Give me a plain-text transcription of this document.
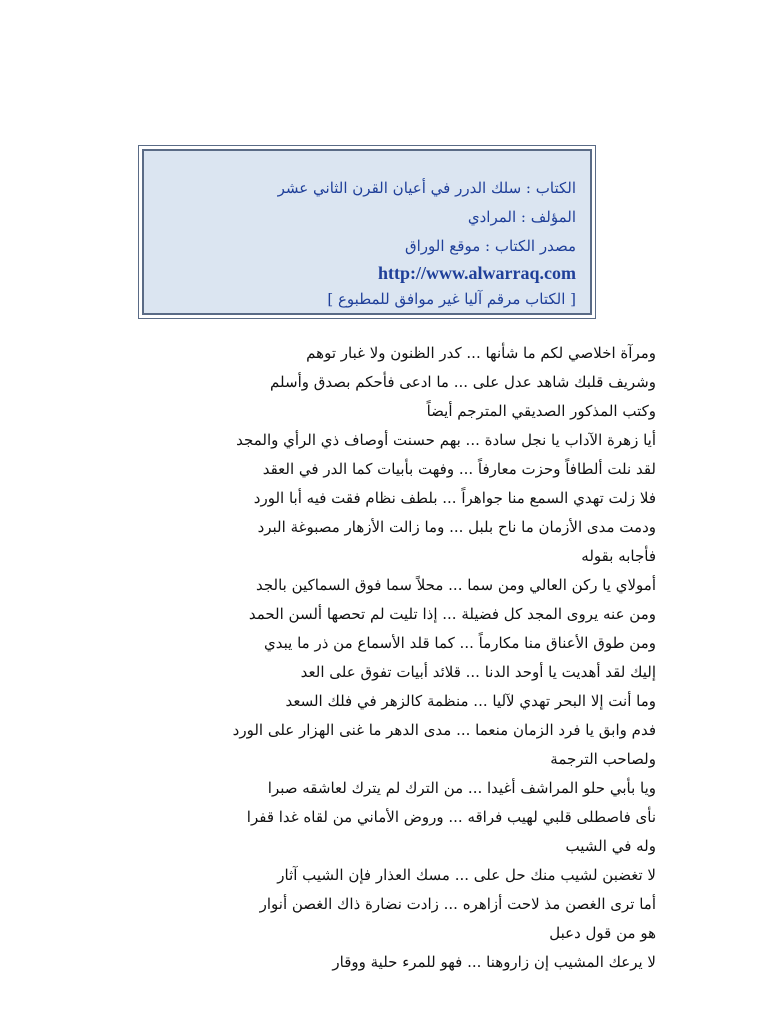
الكتاب : سلك الدرر في أعيان القرن الثاني عشر
المؤلف : المرادي
مصدر الكتاب : موقع الوراق
http://www.alwarraq.com
[ الكتاب مرقم آليا غير موافق للمطبوع ]
ومرآة اخلاصي لكم ما شأنها ... كدر الظنون ولا غبار توهم
وشريف قلبك شاهد عدل على ... ما ادعى فأحكم بصدق وأسلم
وكتب المذكور الصديقي المترجم أيضاً
أيا زهرة الآداب يا نجل سادة ... بهم حسنت أوصاف ذي الرأي والمجد
لقد نلت ألطافاً وحزت معارفاً ... وفهت بأبيات كما الدر في العقد
فلا زلت تهدي السمع منا جواهراً ... بلطف نظام فقت فيه أبا الورد
ودمت مدى الأزمان ما ناح بلبل ... وما زالت الأزهار مصبوغة البرد
فأجابه بقوله
أمولاي يا ركن العالي ومن سما ... محلاً سما فوق السماكين بالجد
ومن عنه يروى المجد كل فضيلة ... إذا تليت لم تحصها ألسن الحمد
ومن طوق الأعناق منا مكارماً ... كما قلد الأسماع من ذر ما يبدي
إليك لقد أهديت يا أوحد الدنا ... قلائد أبيات تفوق على العد
وما أنت إلا البحر تهدي لآليا ... منظمة كالزهر في فلك السعد
فدم وابق يا فرد الزمان منعما ... مدى الدهر ما غنى الهزار على الورد
ولصاحب الترجمة
ويا بأبي حلو المراشف أغيدا ... من الترك لم يترك لعاشقه صبرا
نأى فاصطلى قلبي لهيب فراقه ... وروض الأماني من لقاه غدا قفرا
وله في الشيب
لا تغضبن لشيب منك حل على ... مسك العذار فإن الشيب آثار
أما ترى الغصن مذ لاحت أزاهره ... زادت نضارة ذاك الغصن أنوار
هو من قول دعبل
لا يرعك المشيب إن زاروهنا ... فهو للمرء حلية ووقار
